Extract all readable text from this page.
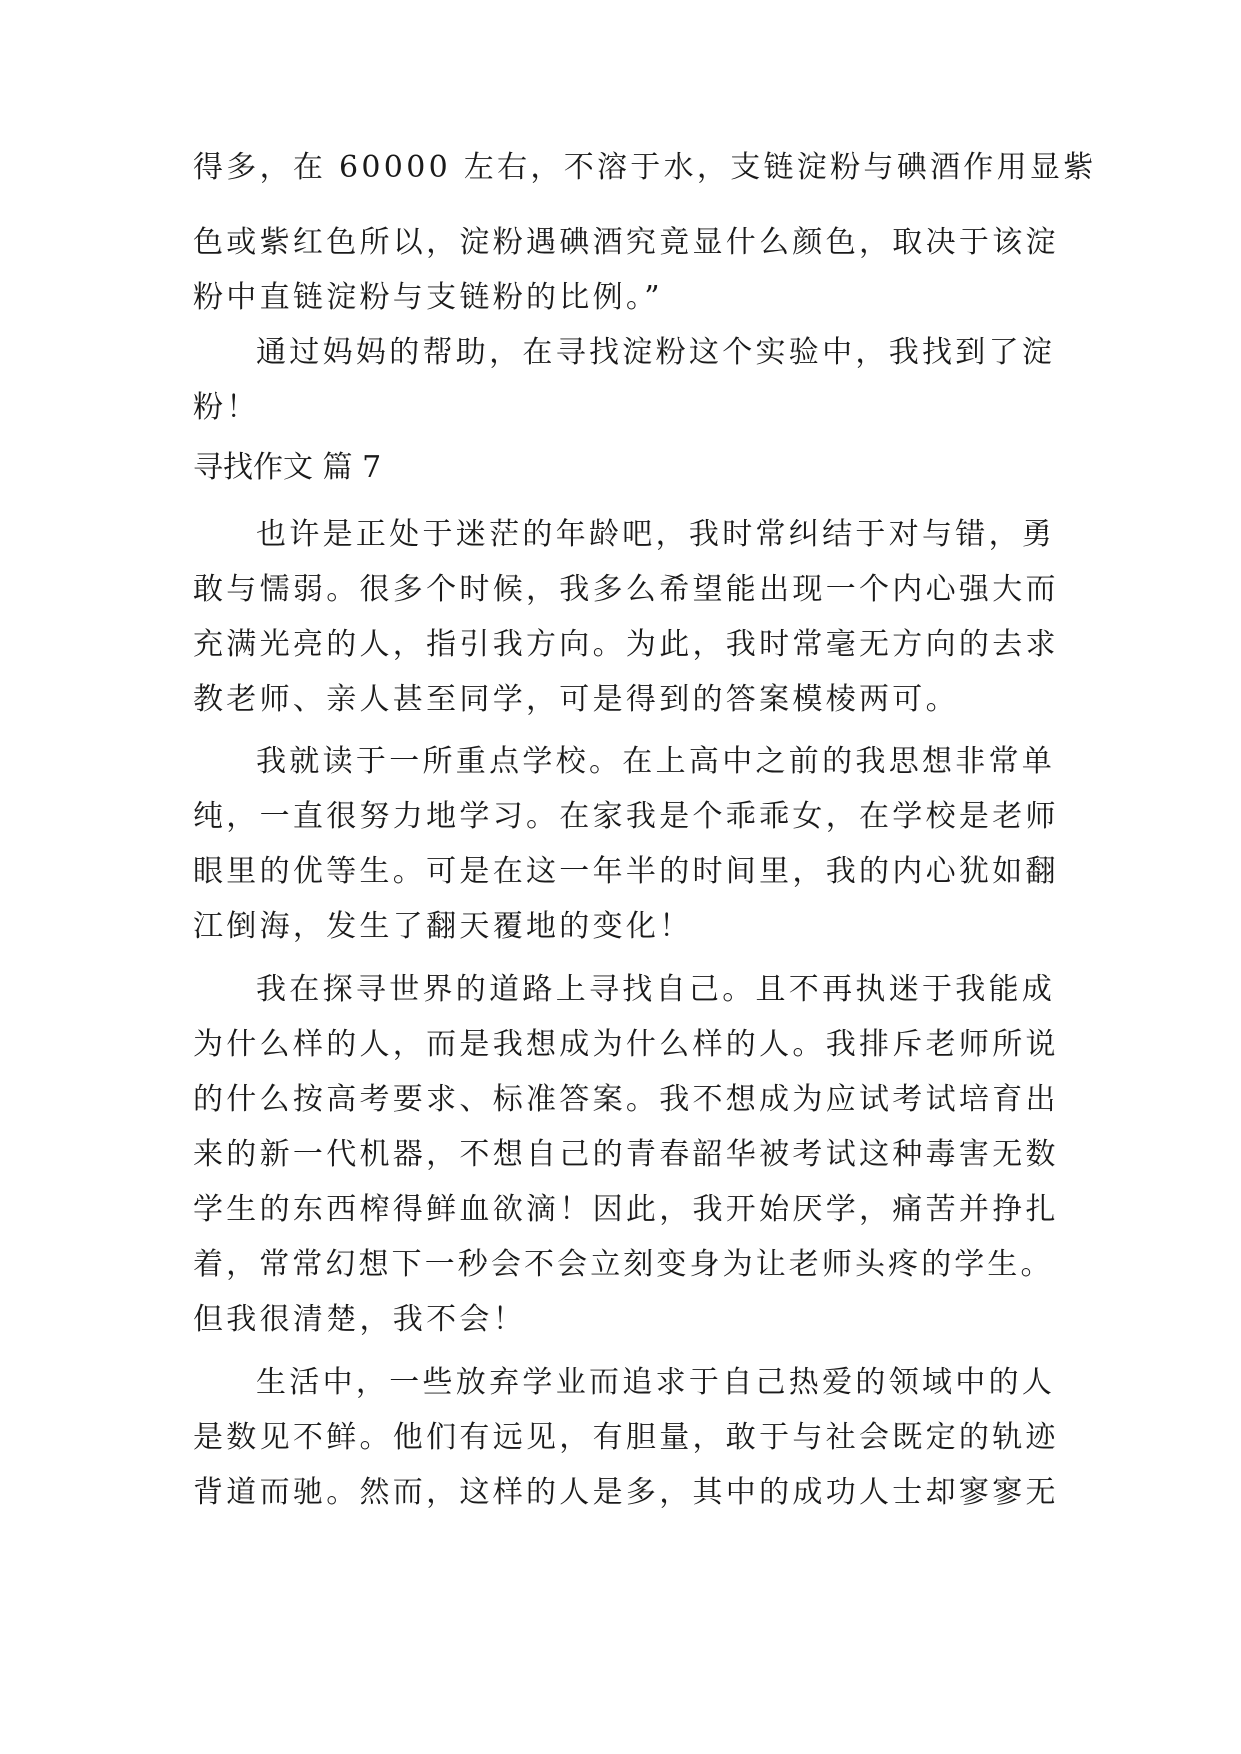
得多，在 60000 左右，不溶于水，支链淀粉与碘酒作用显紫
色或紫红色所以，淀粉遇碘酒究竟显什么颜色，取决于该淀
粉中直链淀粉与支链粉的比例。”
通过妈妈的帮助，在寻找淀粉这个实验中，我找到了淀
粉！
寻找作文 篇 7
也许是正处于迷茫的年龄吧，我时常纠结于对与错，勇
敢与懦弱。很多个时候，我多么希望能出现一个内心强大而
充满光亮的人，指引我方向。为此，我时常毫无方向的去求
教老师、亲人甚至同学，可是得到的答案模棱两可。
我就读于一所重点学校。在上高中之前的我思想非常单
纯，一直很努力地学习。在家我是个乖乖女，在学校是老师
眼里的优等生。可是在这一年半的时间里，我的内心犹如翻
江倒海，发生了翻天覆地的变化！
我在探寻世界的道路上寻找自己。且不再执迷于我能成
为什么样的人，而是我想成为什么样的人。我排斥老师所说
的什么按高考要求、标准答案。我不想成为应试考试培育出
来的新一代机器，不想自己的青春韶华被考试这种毒害无数
学生的东西榨得鲜血欲滴！因此，我开始厌学，痛苦并挣扎
着，常常幻想下一秒会不会立刻变身为让老师头疼的学生。
但我很清楚，我不会！
生活中，一些放弃学业而追求于自己热爱的领域中的人
是数见不鲜。他们有远见，有胆量，敢于与社会既定的轨迹
背道而驰。然而，这样的人是多，其中的成功人士却寥寥无
